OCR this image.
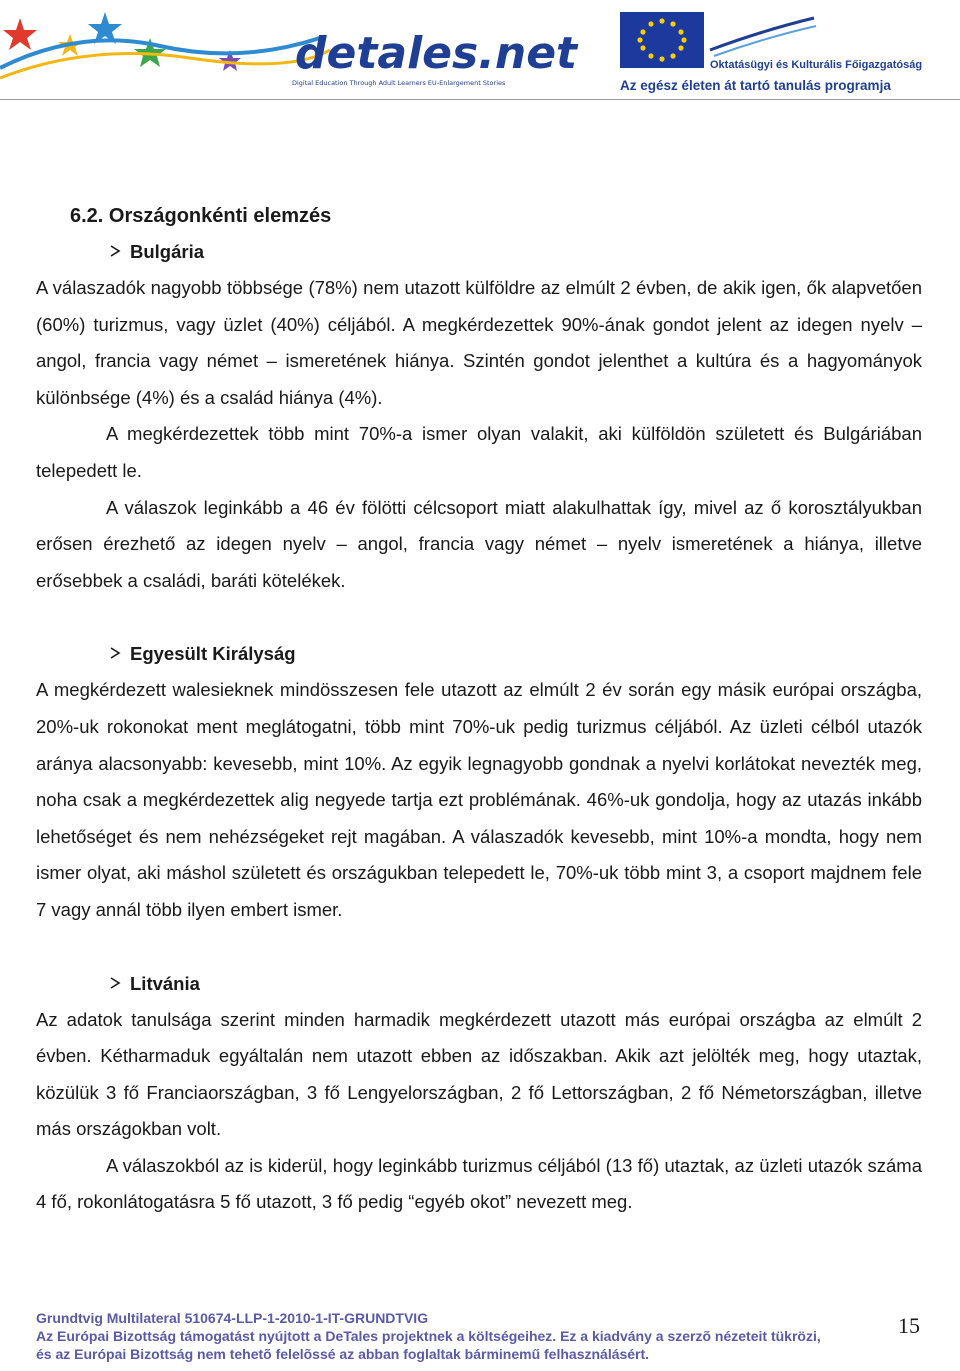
detales.net
Digital Education Through Adult Learners EU-Enlargement Stories
Oktatásügyi és Kulturális Főigazgatóság
Az egész életen át tartó tanulás programja
6.2. Országonkénti elemzés
Bulgária

A válaszadók nagyobb többsége (78%) nem utazott külföldre az elmúlt 2 évben, de akik igen, ők alapvetően (60%) turizmus, vagy üzlet (40%) céljából. A megkérdezettek 90%-ának gondot jelent az idegen nyelv – angol, francia vagy német – ismeretének hiánya. Szintén gondot jelenthet a kultúra és a hagyományok különbsége (4%) és a család hiánya (4%).

A megkérdezettek több mint 70%-a ismer olyan valakit, aki külföldön született és Bulgáriában telepedett le.

A válaszok leginkább a 46 év fölötti célcsoport miatt alakulhattak így, mivel az ő korosztályukban erősen érezhető az idegen nyelv – angol, francia vagy német – nyelv ismeretének a hiánya, illetve erősebbek a családi, baráti kötelékek.

Egyesült Királyság

A megkérdezett walesieknek mindösszesen fele utazott az elmúlt 2 év során egy másik európai országba, 20%-uk rokonokat ment meglátogatni, több mint 70%-uk pedig turizmus céljából. Az üzleti célból utazók aránya alacsonyabb: kevesebb, mint 10%. Az egyik legnagyobb gondnak a nyelvi korlátokat nevezték meg, noha csak a megkérdezettek alig negyede tartja ezt problémának. 46%-uk gondolja, hogy az utazás inkább lehetőséget és nem nehézségeket rejt magában. A válaszadók kevesebb, mint 10%-a mondta, hogy nem ismer olyat, aki máshol született és országukban telepedett le, 70%-uk több mint 3, a csoport majdnem fele 7 vagy annál több ilyen embert ismer.

Litvánia

Az adatok tanulsága szerint minden harmadik megkérdezett utazott más európai országba az elmúlt 2 évben. Kétharmaduk egyáltalán nem utazott ebben az időszakban. Akik azt jelölték meg, hogy utaztak, közülük 3 fő Franciaországban, 3 fő Lengyelországban, 2 fő Lettországban, 2 fő Németországban, illetve más országokban volt.

A válaszokból az is kiderül, hogy leginkább turizmus céljából (13 fő) utaztak, az üzleti utazók száma 4 fő, rokonlátogatásra 5 fő utazott, 3 fő pedig “egyéb okot” nevezett meg.

Grundtvig Multilateral 510674-LLP-1-2010-1-IT-GRUNDTVIG
Az Európai Bizottság támogatást nyújtott a DeTales projektnek a költségeihez. Ez a kiadvány a szerzõ nézeteit tükrözi,
és az Európai Bizottság nem tehetõ felelõssé az abban foglaltak bárminemű felhasználásért.
15
